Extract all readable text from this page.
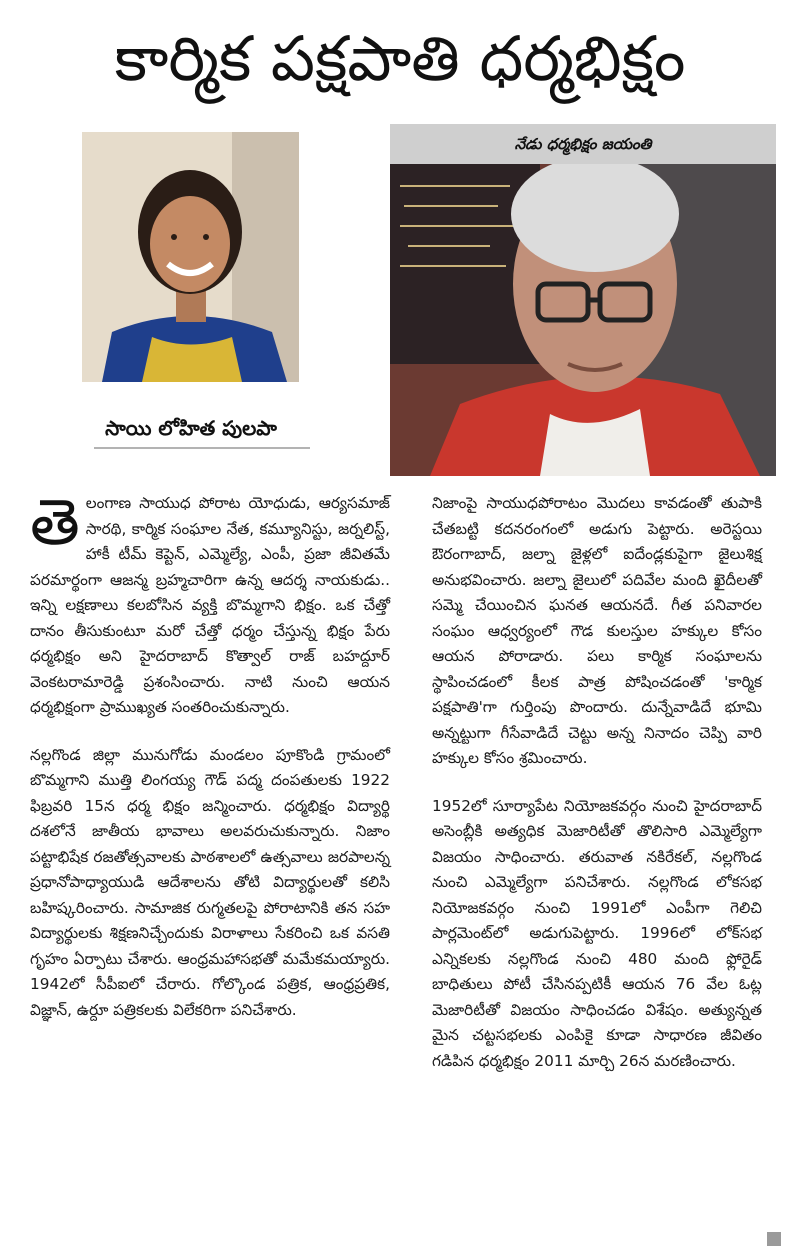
కార్మిక పక్షపాతి ధర్మభిక్షం
సాయి లోహిత పులపా
నేడు ధర్మభిక్షం జయంతి

తెలంగాణ సాయుధ పోరాట యోధుడు, ఆర్యసమాజ్ సారథి, కార్మిక సంఘాల నేత, కమ్యూనిస్టు, జర్నలిస్ట్, హాకీ టీమ్ కెప్టెన్, ఎమ్మెల్యే, ఎంపీ, ప్రజా జీవితమే పరమార్థంగా ఆజన్మ బ్రహ్మచారిగా ఉన్న ఆదర్శ నాయకుడు.. ఇన్ని లక్షణాలు కలబోసిన వ్యక్తి బొమ్మగాని భిక్షం. ఒక చేత్తో దానం తీసుకుంటూ మరో చేత్తో ధర్మం చేస్తున్న భిక్షం పేరు ధర్మభిక్షం అని హైదరాబాద్ కొత్వాల్ రాజ్ బహద్దూర్ వెంకటరామారెడ్డి ప్రశంసించారు. నాటి నుంచి ఆయన ధర్మభిక్షంగా ప్రాముఖ్యత సంతరించుకున్నారు.

నల్లగొండ జిల్లా మునుగోడు మండలం పూకొండి గ్రామంలో బొమ్మగాని ముత్తి లింగయ్య గౌడ్ పద్మ దంపతులకు 1922 ఫిబ్రవరి 15న ధర్మ భిక్షం జన్మించారు. ధర్మభిక్షం విద్యార్థి దశలోనే జాతీయ భావాలు అలవరుచుకున్నారు. నిజాం పట్టాభిషేక రజతోత్సవాలకు పాఠశాలలో ఉత్సవాలు జరపాలన్న ప్రధానోపాధ్యాయుడి ఆదేశాలను తోటి విద్యార్థులతో కలిసి బహిష్కరించారు. సామాజిక రుగ్మతలపై పోరాటానికి తన సహ విద్యార్థులకు శిక్షణనిచ్చేందుకు విరాళాలు సేకరించి ఒక వసతి గృహం ఏర్పాటు చేశారు. ఆంధ్రమహాసభతో మమేకమయ్యారు. 1942లో సీపీఐలో చేరారు. గోల్కొండ పత్రిక, ఆంధ్రప్రతిక, విజ్ఞాన్, ఉర్దూ పత్రికలకు విలేకరిగా పనిచేశారు.

నిజాంపై సాయుధపోరాటం మొదలు కావడంతో తుపాకి చేతబట్టి కదనరంగంలో అడుగు పెట్టారు. అరెస్టయి ఔరంగాబాద్, జల్నా జైళ్లలో ఐదేండ్లకుపైగా జైలుశిక్ష అనుభవించారు. జల్నా జైలులో పదివేల మంది ఖైదీలతో సమ్మె చేయించిన ఘనత ఆయనదే. గీత పనివారల సంఘం ఆధ్వర్యంలో గౌడ కులస్తుల హక్కుల కోసం ఆయన పోరాడారు. పలు కార్మిక సంఘాలను స్థాపించడంలో కీలక పాత్ర పోషించడంతో 'కార్మిక పక్షపాతి'గా గుర్తింపు పొందారు. దున్నేవాడిదే భూమి అన్నట్టుగా గీసేవాడిదే చెట్టు అన్న నినాదం చెప్పి వారి హక్కుల కోసం శ్రమించారు.

1952లో సూర్యాపేట నియోజకవర్గం నుంచి హైదరాబాద్ అసెంబ్లీకి అత్యధిక మెజారిటీతో తొలిసారి ఎమ్మెల్యేగా విజయం సాధించారు. తరువాత నకిరేకల్, నల్లగొండ నుంచి ఎమ్మెల్యేగా పనిచేశారు. నల్లగొండ లోకసభ నియోజకవర్గం నుంచి 1991లో ఎంపీగా గెలిచి పార్లమెంట్‌లో అడుగుపెట్టారు. 1996లో లోక్‌సభ ఎన్నికలకు నల్లగొండ నుంచి 480 మంది ఫ్లోరైడ్ బాధితులు పోటీ చేసినప్పటికీ ఆయన 76 వేల ఓట్ల మెజారిటీతో విజయం సాధించడం విశేషం. అత్యున్నత మైన చట్టసభలకు ఎంపికై కూడా సాధారణ జీవితం గడిపిన ధర్మభిక్షం 2011 మార్చి 26న మరణించారు.
